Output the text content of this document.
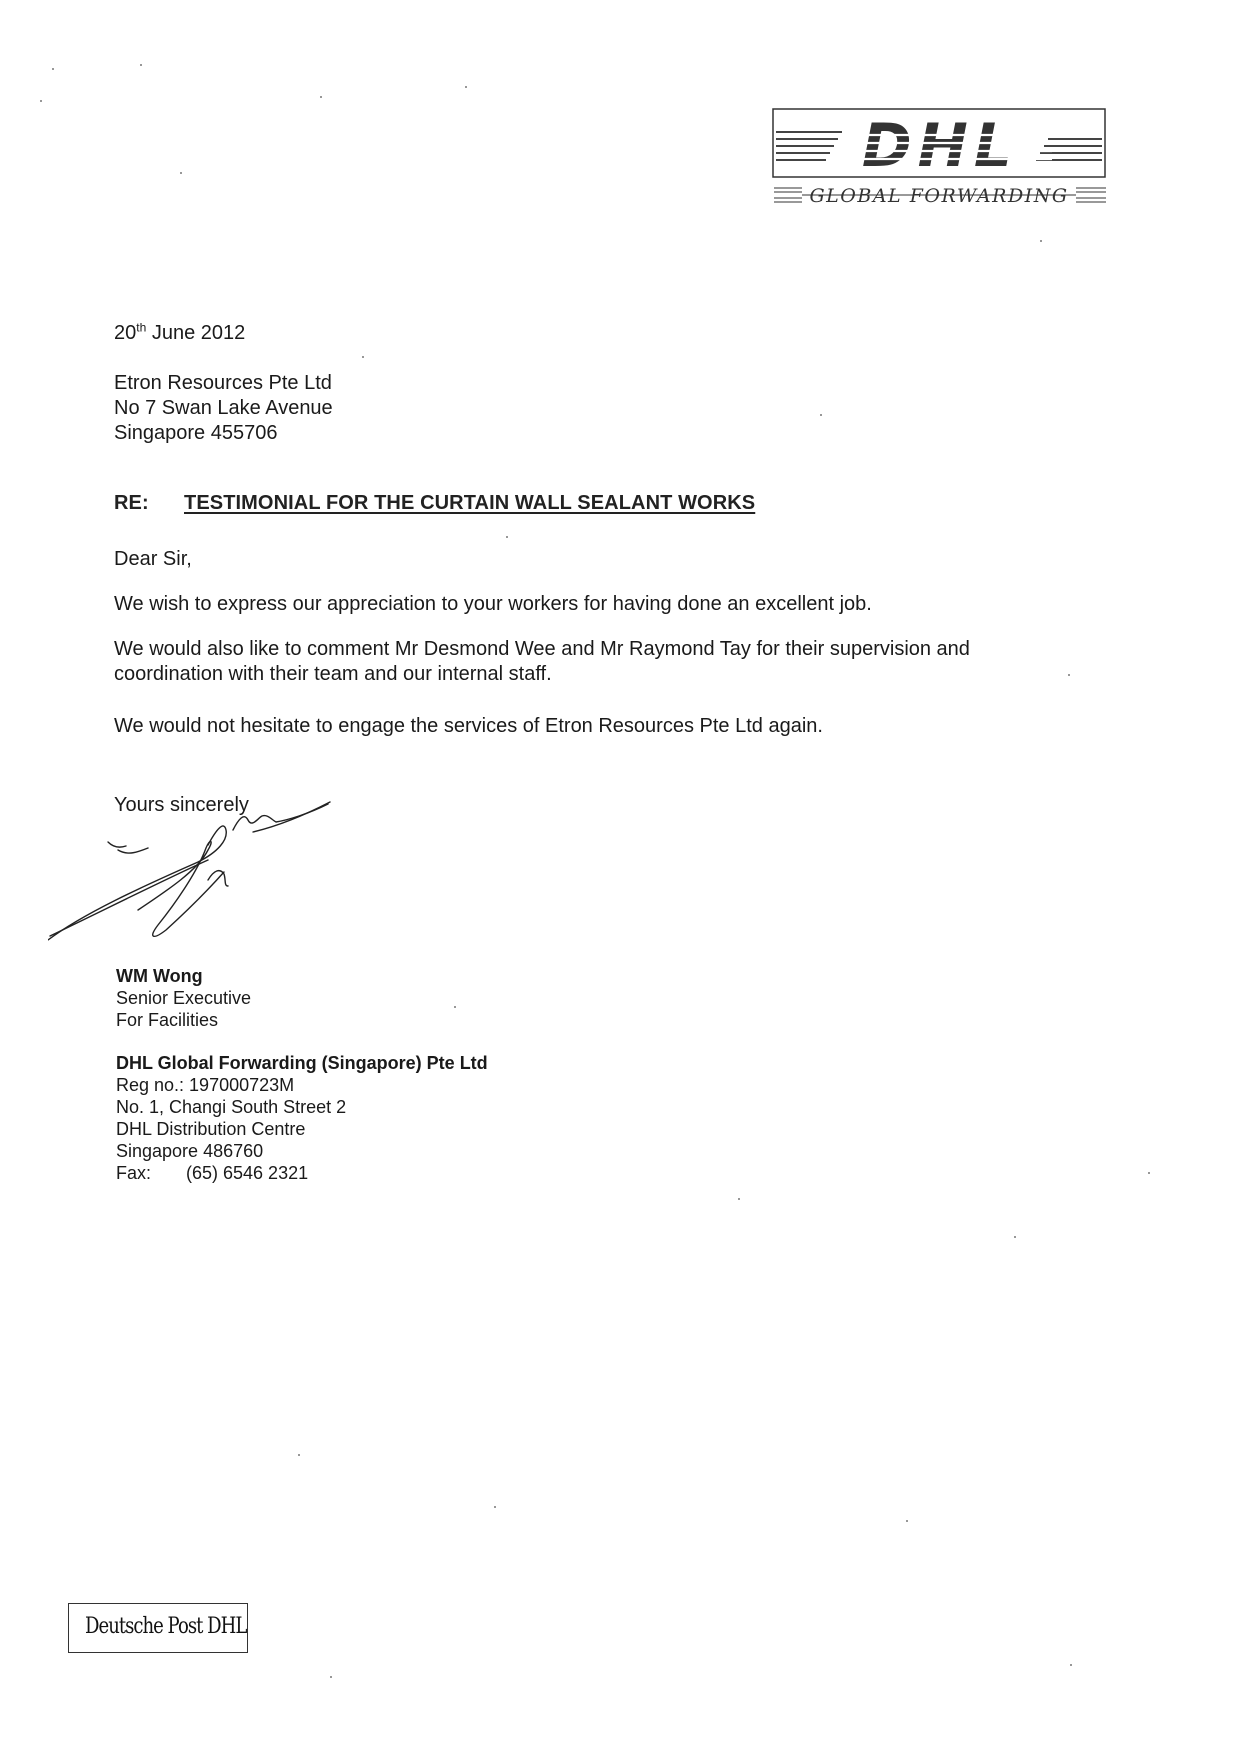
DHL
GLOBAL FORWARDING
20th June 2012
Etron Resources Pte Ltd
No 7 Swan Lake Avenue
Singapore 455706
RE: TESTIMONIAL FOR THE CURTAIN WALL SEALANT WORKS
Dear Sir,
We wish to express our appreciation to your workers for having done an excellent job.
We would also like to comment Mr Desmond Wee and Mr Raymond Tay for their supervision and coordination with their team and our internal staff.
We would not hesitate to engage the services of Etron Resources Pte Ltd again.
Yours sincerely
WM Wong
Senior Executive
For Facilities
DHL Global Forwarding (Singapore) Pte Ltd
Reg no.: 197000723M
No. 1, Changi South Street 2
DHL Distribution Centre
Singapore 486760
Fax: (65) 6546 2321
Deutsche Post DHL
